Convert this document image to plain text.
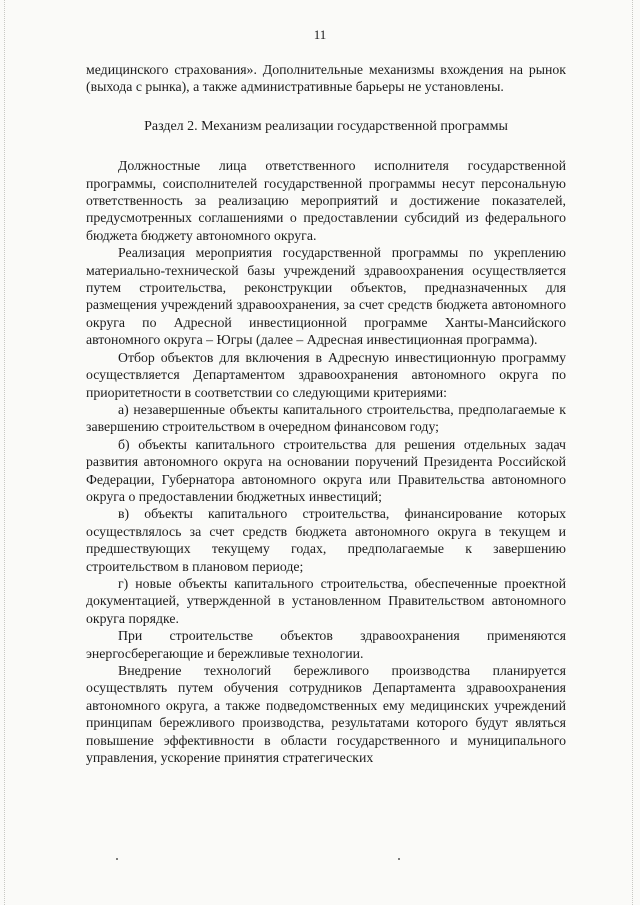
11

медицинского страхования». Дополнительные механизмы вхождения на рынок (выхода с рынка), а также административные барьеры не установлены.

Раздел 2. Механизм реализации государственной программы

Должностные лица ответственного исполнителя государственной программы, соисполнителей государственной программы несут персональную ответственность за реализацию мероприятий и достижение показателей, предусмотренных соглашениями о предоставлении субсидий из федерального бюджета бюджету автономного округа.

Реализация мероприятия государственной программы по укреплению материально-технической базы учреждений здравоохранения осуществляется путем строительства, реконструкции объектов, предназначенных для размещения учреждений здравоохранения, за счет средств бюджета автономного округа по Адресной инвестиционной программе Ханты-Мансийского автономного округа – Югры (далее – Адресная инвестиционная программа).

Отбор объектов для включения в Адресную инвестиционную программу осуществляется Департаментом здравоохранения автономного округа по приоритетности в соответствии со следующими критериями:

а) незавершенные объекты капитального строительства, предполагаемые к завершению строительством в очередном финансовом году;

б) объекты капитального строительства для решения отдельных задач развития автономного округа на основании поручений Президента Российской Федерации, Губернатора автономного округа или Правительства автономного округа о предоставлении бюджетных инвестиций;

в) объекты капитального строительства, финансирование которых осуществлялось за счет средств бюджета автономного округа в текущем и предшествующих текущему годах, предполагаемые к завершению строительством в плановом периоде;

г) новые объекты капитального строительства, обеспеченные проектной документацией, утвержденной в установленном Правительством автономного округа порядке.

При строительстве объектов здравоохранения применяются энергосберегающие и бережливые технологии.

Внедрение технологий бережливого производства планируется осуществлять путем обучения сотрудников Департамента здравоохранения автономного округа, а также подведомственных ему медицинских учреждений принципам бережливого производства, результатами которого будут являться повышение эффективности в области государственного и муниципального управления, ускорение принятия стратегических
